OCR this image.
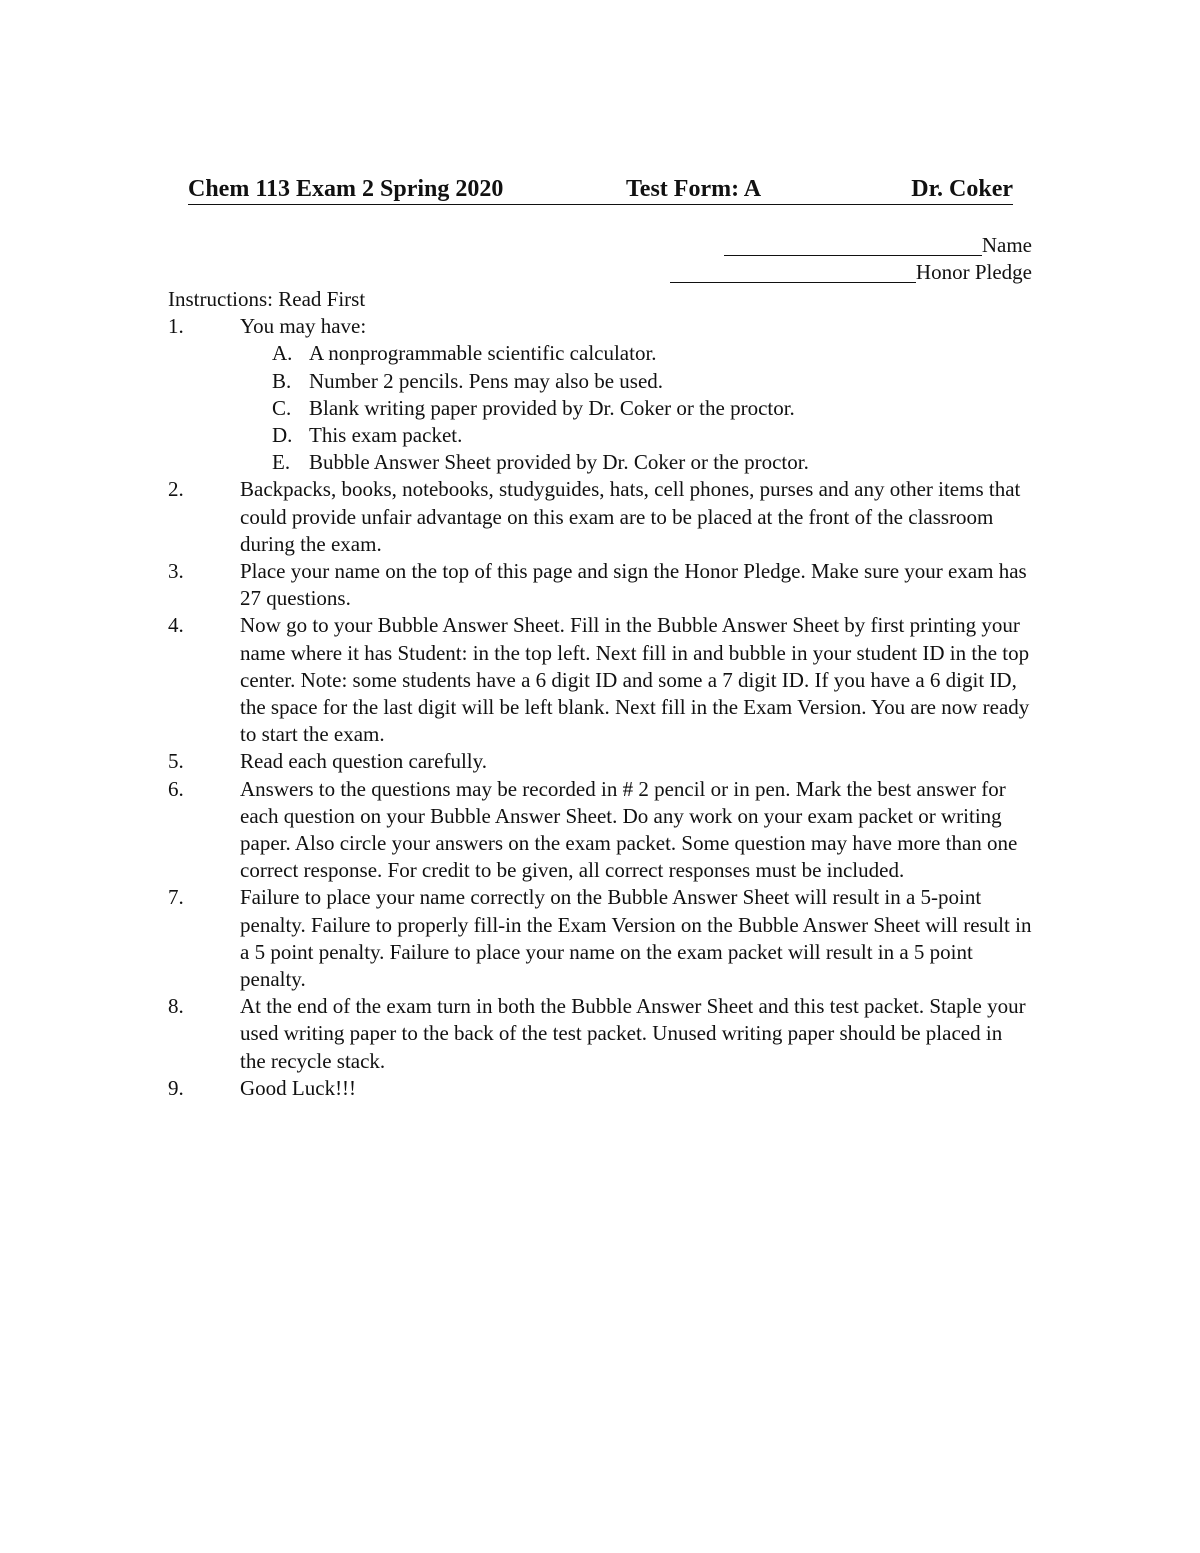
Chem 113 Exam 2 Spring 2020	Test Form: A	Dr. Coker
Name
Honor Pledge

Instructions: Read First

1.	You may have:
A. A nonprogrammable scientific calculator.
B. Number 2 pencils. Pens may also be used.
C. Blank writing paper provided by Dr. Coker or the proctor.
D. This exam packet.
E. Bubble Answer Sheet provided by Dr. Coker or the proctor.
2.	Backpacks, books, notebooks, studyguides, hats, cell phones, purses and any other items that could provide unfair advantage on this exam are to be placed at the front of the classroom during the exam.
3.	Place your name on the top of this page and sign the Honor Pledge. Make sure your exam has 27 questions.
4.	Now go to your Bubble Answer Sheet. Fill in the Bubble Answer Sheet by first printing your name where it has Student: in the top left. Next fill in and bubble in your student ID in the top center. Note: some students have a 6 digit ID and some a 7 digit ID. If you have a 6 digit ID, the space for the last digit will be left blank. Next fill in the Exam Version. You are now ready to start the exam.
5.	Read each question carefully.
6.	Answers to the questions may be recorded in # 2 pencil or in pen. Mark the best answer for each question on your Bubble Answer Sheet. Do any work on your exam packet or writing paper. Also circle your answers on the exam packet. Some question may have more than one correct response. For credit to be given, all correct responses must be included.
7.	Failure to place your name correctly on the Bubble Answer Sheet will result in a 5-point penalty. Failure to properly fill-in the Exam Version on the Bubble Answer Sheet will result in a 5 point penalty. Failure to place your name on the exam packet will result in a 5 point penalty.
8.	At the end of the exam turn in both the Bubble Answer Sheet and this test packet. Staple your used writing paper to the back of the test packet. Unused writing paper should be placed in the recycle stack.
9.	Good Luck!!!
